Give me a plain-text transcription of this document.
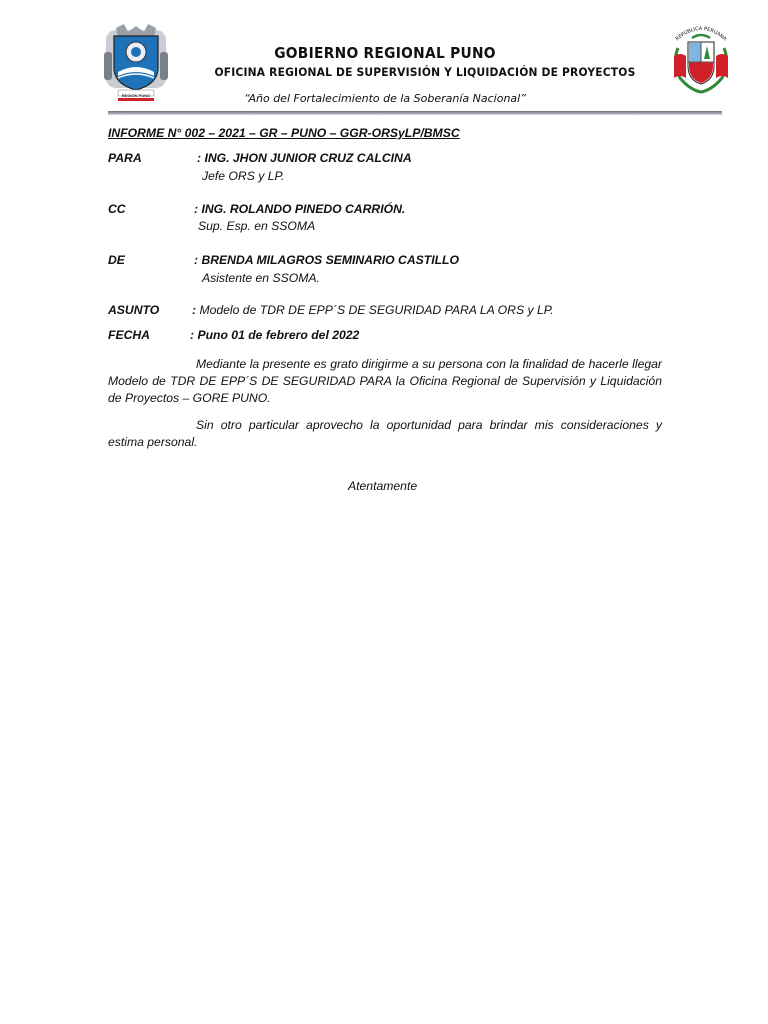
REGIÓN PUNO
GOBIERNO REGIONAL PUNO
OFICINA REGIONAL DE SUPERVISIÓN Y LIQUIDACIÓN DE PROYECTOS
“Año del Fortalecimiento de la Soberanía Nacional”
REPÚBLICA PERUANA
INFORME N° 002 – 2021 – GR – PUNO – GGR-ORSyLP/BMSC
PARA	: ING. JHON JUNIOR CRUZ CALCINA
Jefe ORS y LP.
CC	: ING. ROLANDO PINEDO CARRIÓN.
Sup. Esp. en SSOMA
DE	: BRENDA MILAGROS SEMINARIO CASTILLO
Asistente en SSOMA.
ASUNTO	: Modelo de TDR DE EPP´S DE SEGURIDAD PARA LA ORS y LP.
FECHA	: Puno 01 de febrero del 2022

Mediante la presente es grato dirigirme a su persona con la finalidad de hacerle llegar Modelo de TDR DE EPP´S DE SEGURIDAD PARA la Oficina Regional de Supervisión y Liquidación de Proyectos – GORE PUNO.

Sin otro particular aprovecho la oportunidad para brindar mis consideraciones y estima personal.

Atentamente
